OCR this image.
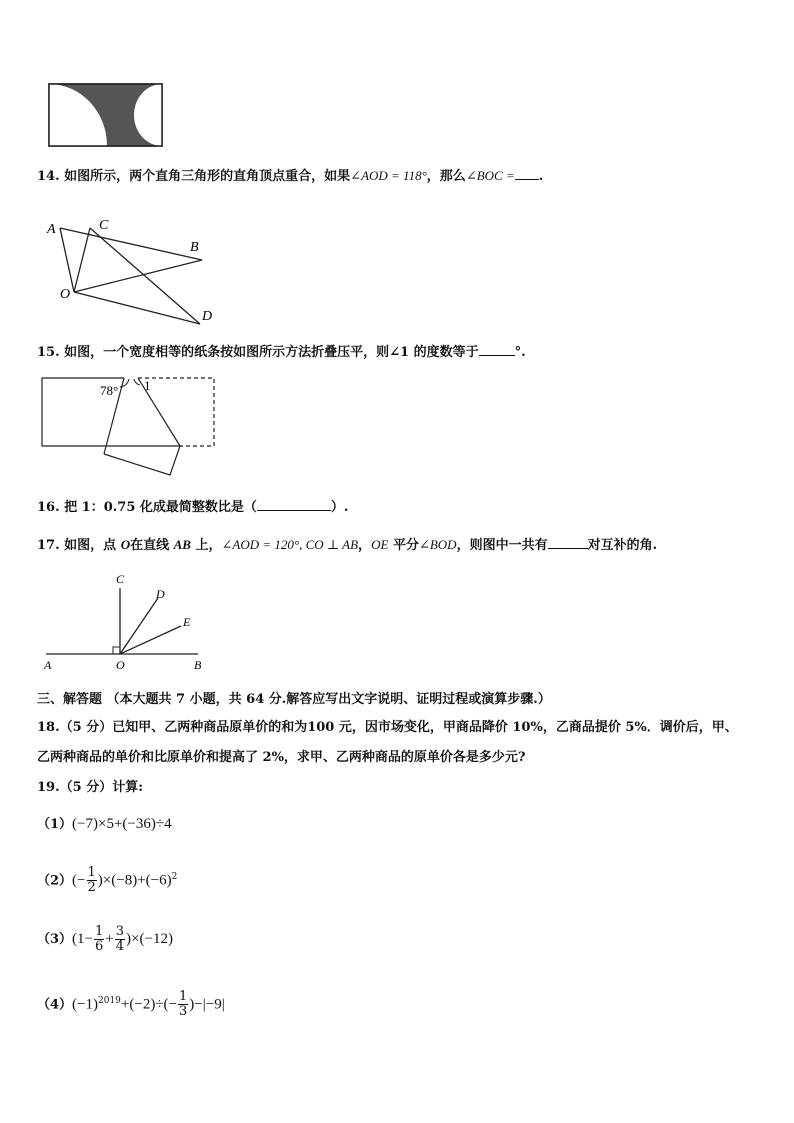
14. 如图所示，两个直角三角形的直角顶点重合，如果∠AOD = 118°，那么∠BOC = .
A	C
B
O
D
15. 如图，一个宽度相等的纸条按如图所示方法折叠压平，则∠1 的度数等于	°.
78° 1
16. 把 1：0.75 化成最简整数比是（	）.
17. 如图，点 O在直线 AB 上，∠AOD = 120°, CO ⊥ AB，OE 平分∠BOD，则图中一共有	对互补的角.
C
D
E
A	O	B
三、解答题 （本大题共 7 小题，共 64 分.解答应写出文字说明、证明过程或演算步骤.）
18.（5 分）已知甲、乙两种商品原单价的和为100 元，因市场变化，甲商品降价 10%，乙商品提价 5%．调价后，甲、
乙两种商品的单价和比原单价和提高了 2%，求甲、乙两种商品的原单价各是多少元?
19.（5 分）计算:
（1）(−7)×5+(−36)÷4
$(2)(- \frac{1}{2} )\times(-8)+(-6)^2$
$(3)(1- \frac{1}{6} + \frac{3}{4} )\times(-12)$
$(4)(-1)^{2019}+(-2)\div(- \frac{1}{3} )-|-9|$
